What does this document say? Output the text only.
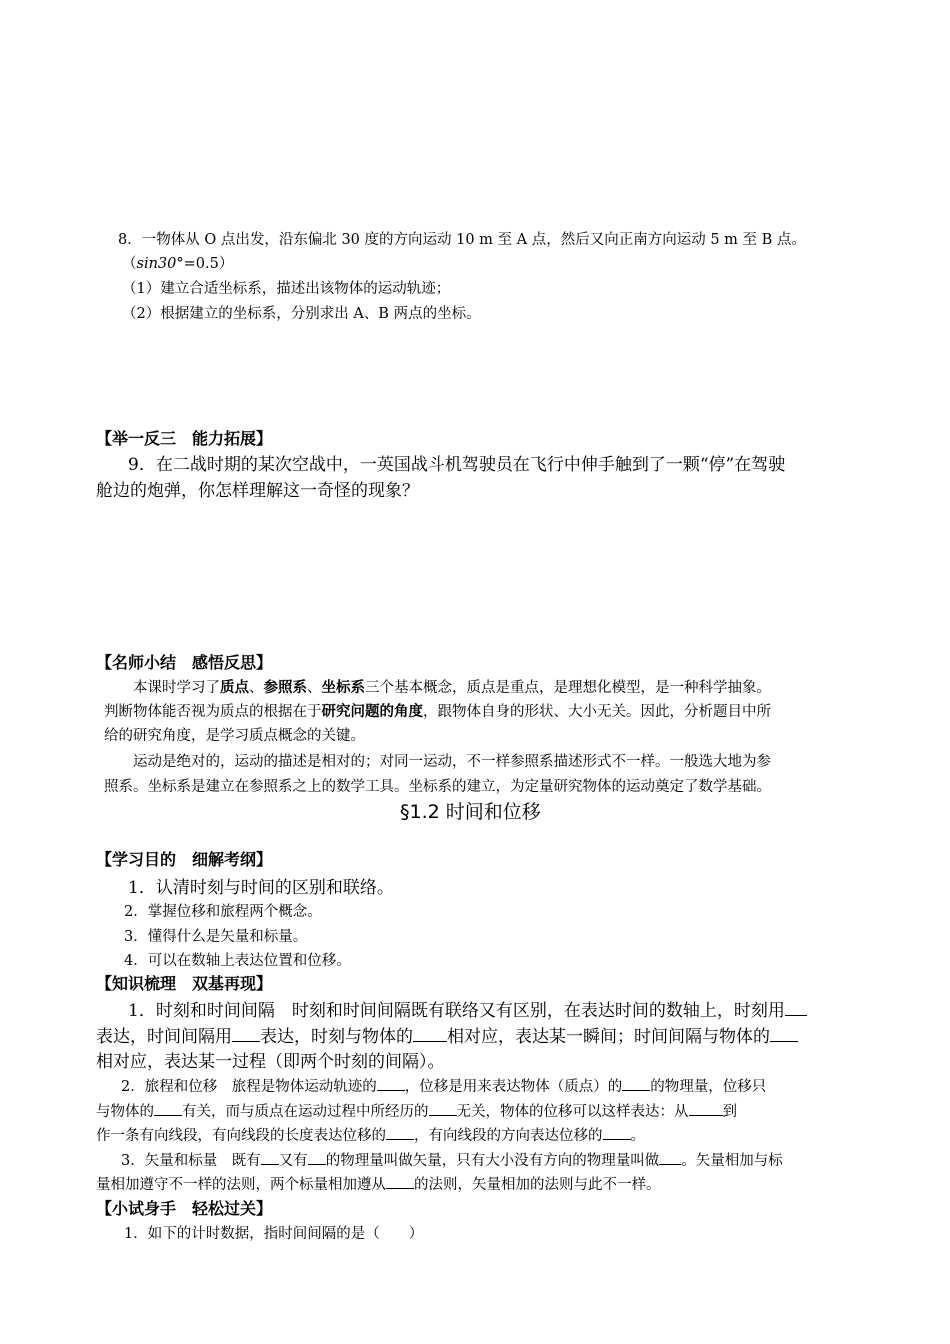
8．一物体从 O 点出发，沿东偏北 30 度的方向运动 10 m 至 A 点，然后又向正南方向运动 5 m 至 B 点。
（sin30°=0.5）
（1）建立合适坐标系，描述出该物体的运动轨迹；
（2）根据建立的坐标系，分别求出 A、B 两点的坐标。
【举一反三　能力拓展】
9．在二战时期的某次空战中，一英国战斗机驾驶员在飞行中伸手触到了一颗“停”在驾驶
舱边的炮弹，你怎样理解这一奇怪的现象？
【名师小结　感悟反思】
本课时学习了质点、参照系、坐标系三个基本概念，质点是重点，是理想化模型，是一种科学抽象。
判断物体能否视为质点的根据在于研究问题的角度，跟物体自身的形状、大小无关。因此，分析题目中所
给的研究角度，是学习质点概念的关键。
运动是绝对的，运动的描述是相对的；对同一运动，不一样参照系描述形式不一样。一般选大地为参
照系。坐标系是建立在参照系之上的数学工具。坐标系的建立，为定量研究物体的运动奠定了数学基础。
§1.2 时间和位移
【学习目的　细解考纲】
1．认清时刻与时间的区别和联络。
2．掌握位移和旅程两个概念。
3．懂得什么是矢量和标量。
4．可以在数轴上表达位置和位移。
【知识梳理　双基再现】
1．时刻和时间间隔　时刻和时间间隔既有联络又有区别，在表达时间的数轴上，时刻用
表达，时间间隔用 表达，时刻与物体的 相对应，表达某一瞬间；时间间隔与物体的
相对应，表达某一过程（即两个时刻的间隔）。
2．旅程和位移　旅程是物体运动轨迹的 ，位移是用来表达物体（质点）的 的物理量，位移只
与物体的 有关，而与质点在运动过程中所经历的 无关，物体的位移可以这样表达：从 到
作一条有向线段，有向线段的长度表达位移的 ，有向线段的方向表达位移的 。
3．矢量和标量　既有 又有 的物理量叫做矢量，只有大小没有方向的物理量叫做 。矢量相加与标
量相加遵守不一样的法则，两个标量相加遵从 的法则，矢量相加的法则与此不一样。
【小试身手　轻松过关】
1．如下的计时数据，指时间间隔的是（　　）
